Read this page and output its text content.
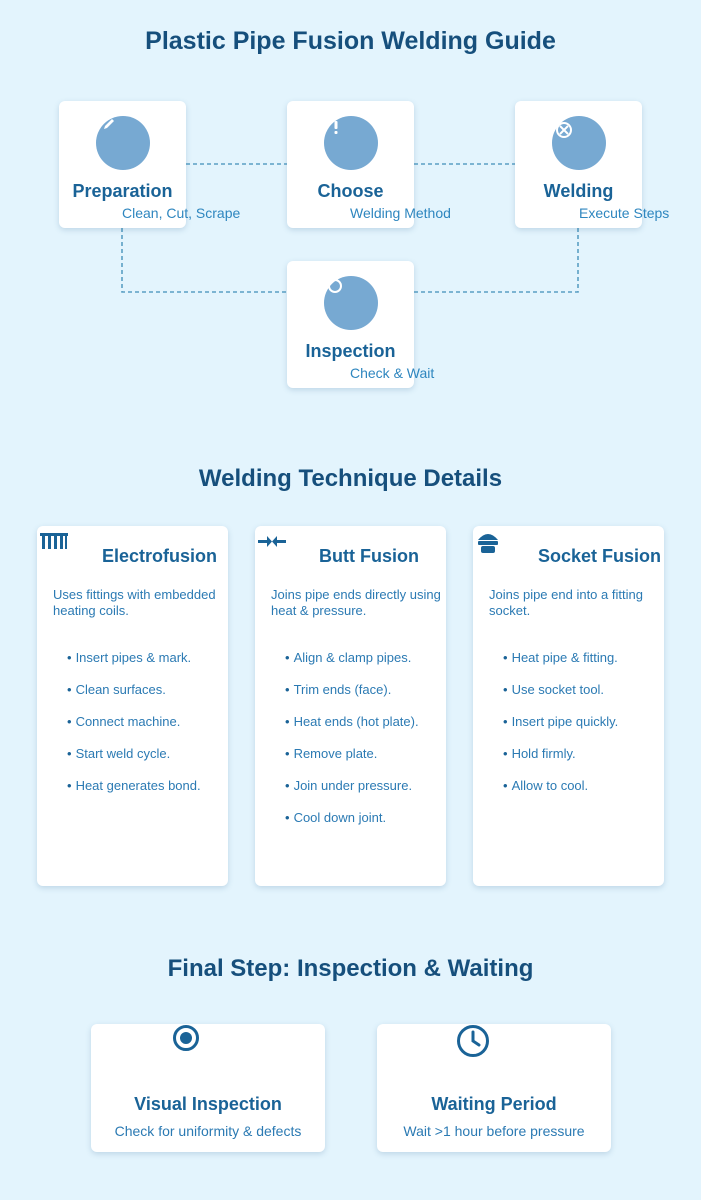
Plastic Pipe Fusion Welding Guide
Preparation
Clean, Cut, Scrape
Choose
Welding Method
Welding
Execute Steps
Inspection
Check & Wait
Welding Technique Details
Electrofusion
Uses fittings with embedded heating coils.
• Insert pipes & mark.
• Clean surfaces.
• Connect machine.
• Start weld cycle.
• Heat generates bond.
Butt Fusion
Joins pipe ends directly using heat & pressure.
• Align & clamp pipes.
• Trim ends (face).
• Heat ends (hot plate).
• Remove plate.
• Join under pressure.
• Cool down joint.
Socket Fusion
Joins pipe end into a fitting socket.
• Heat pipe & fitting.
• Use socket tool.
• Insert pipe quickly.
• Hold firmly.
• Allow to cool.
Final Step: Inspection & Waiting
Visual Inspection
Check for uniformity & defects
Waiting Period
Wait >1 hour before pressure
